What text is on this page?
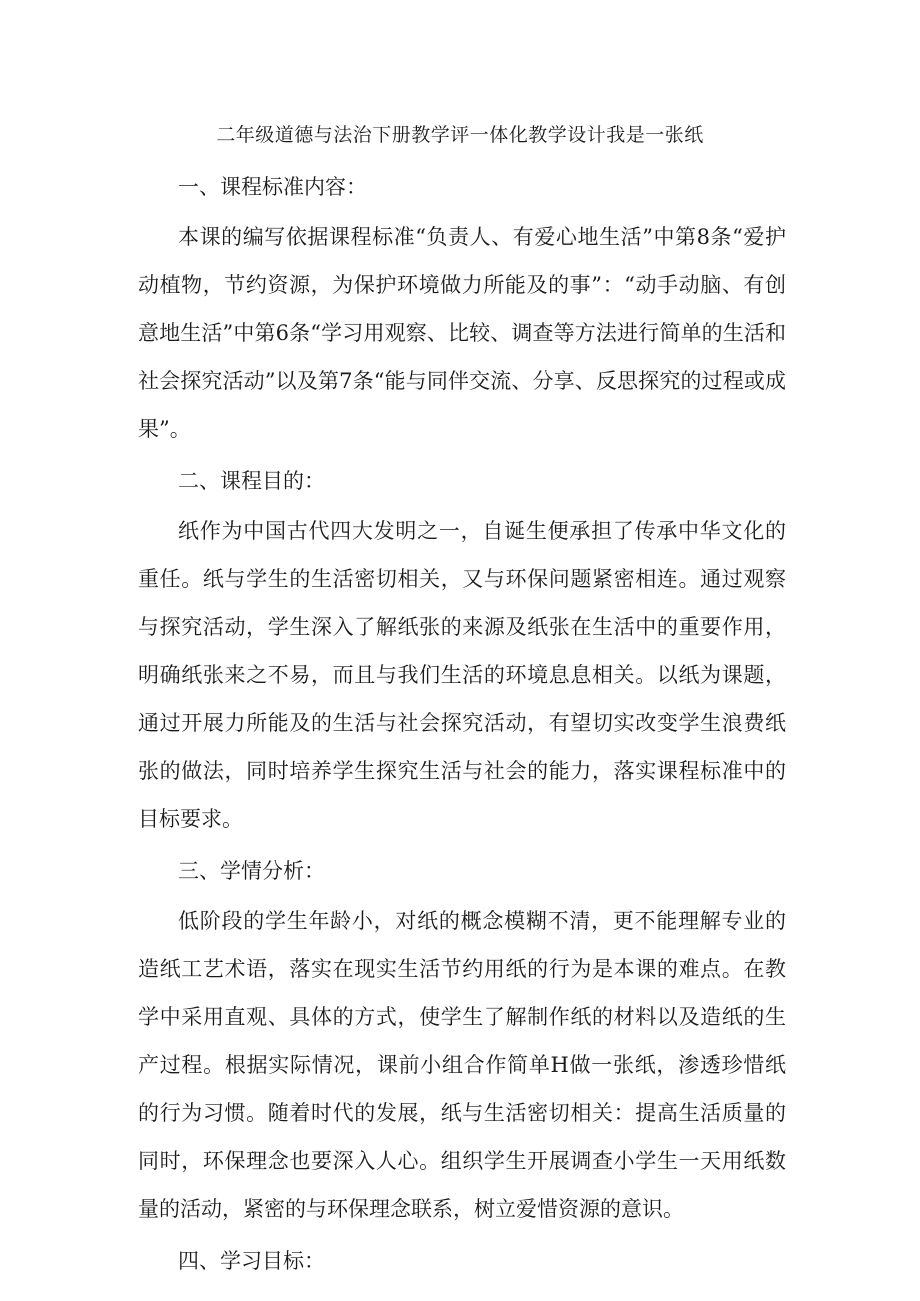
二年级道德与法治下册教学评一体化教学设计我是一张纸
一、课程标准内容：

本课的编写依据课程标准“负责人、有爱心地生活”中第8条“爱护动植物，节约资源，为保护环境做力所能及的事”：“动手动脑、有创意地生活”中第6条“学习用观察、比较、调查等方法进行简单的生活和社会探究活动”以及第7条“能与同伴交流、分享、反思探究的过程或成果”。

二、课程目的：

纸作为中国古代四大发明之一，自诞生便承担了传承中华文化的重任。纸与学生的生活密切相关，又与环保问题紧密相连。通过观察与探究活动，学生深入了解纸张的来源及纸张在生活中的重要作用，明确纸张来之不易，而且与我们生活的环境息息相关。以纸为课题，通过开展力所能及的生活与社会探究活动，有望切实改变学生浪费纸张的做法，同时培养学生探究生活与社会的能力，落实课程标准中的目标要求。

三、学情分析：

低阶段的学生年龄小，对纸的概念模糊不清，更不能理解专业的造纸工艺术语，落实在现实生活节约用纸的行为是本课的难点。在教学中采用直观、具体的方式，使学生了解制作纸的材料以及造纸的生产过程。根据实际情况，课前小组合作简单H做一张纸，渗透珍惜纸的行为习惯。随着时代的发展，纸与生活密切相关：提高生活质量的同时，环保理念也要深入人心。组织学生开展调查小学生一天用纸数量的活动，紧密的与环保理念联系，树立爱惜资源的意识。

四、学习目标：
